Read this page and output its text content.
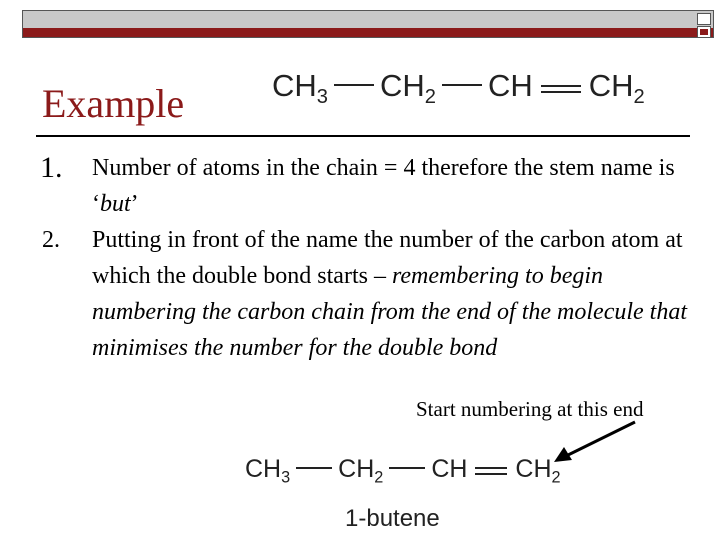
Example	$CH_3$ $CH_2$ CH $CH_2$
1. Number of atoms in the chain = 4 therefore the stem name is ‘but’
2. Putting in front of the name the number of the carbon atom at which the double bond starts – remembering to begin numbering the carbon chain from the end of the molecule that minimises the number for the double bond
Start numbering at this end
$CH_3$ $CH_2$ CH $CH_2$
1-butene
